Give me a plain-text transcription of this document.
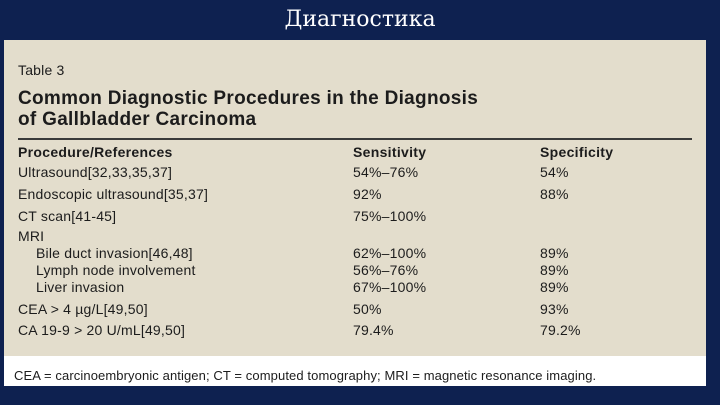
Диагностика
Table 3
Common Diagnostic Procedures in the Diagnosis
of Gallbladder Carcinoma
Procedure/References	Sensitivity	Specificity
Ultrasound[32,33,35,37]	54%–76%	54%
Endoscopic ultrasound[35,37]	92%	88%
CT scan[41-45]	75%–100%
MRI
Bile duct invasion[46,48]	62%–100%	89%
Lymph node involvement	56%–76%	89%
Liver invasion	67%–100%	89%
CEA > 4 µg/L[49,50]	50%	93%
CA 19-9 > 20 U/mL[49,50]	79.4%	79.2%
CEA = carcinoembryonic antigen; CT = computed tomography; MRI = magnetic resonance imaging.
